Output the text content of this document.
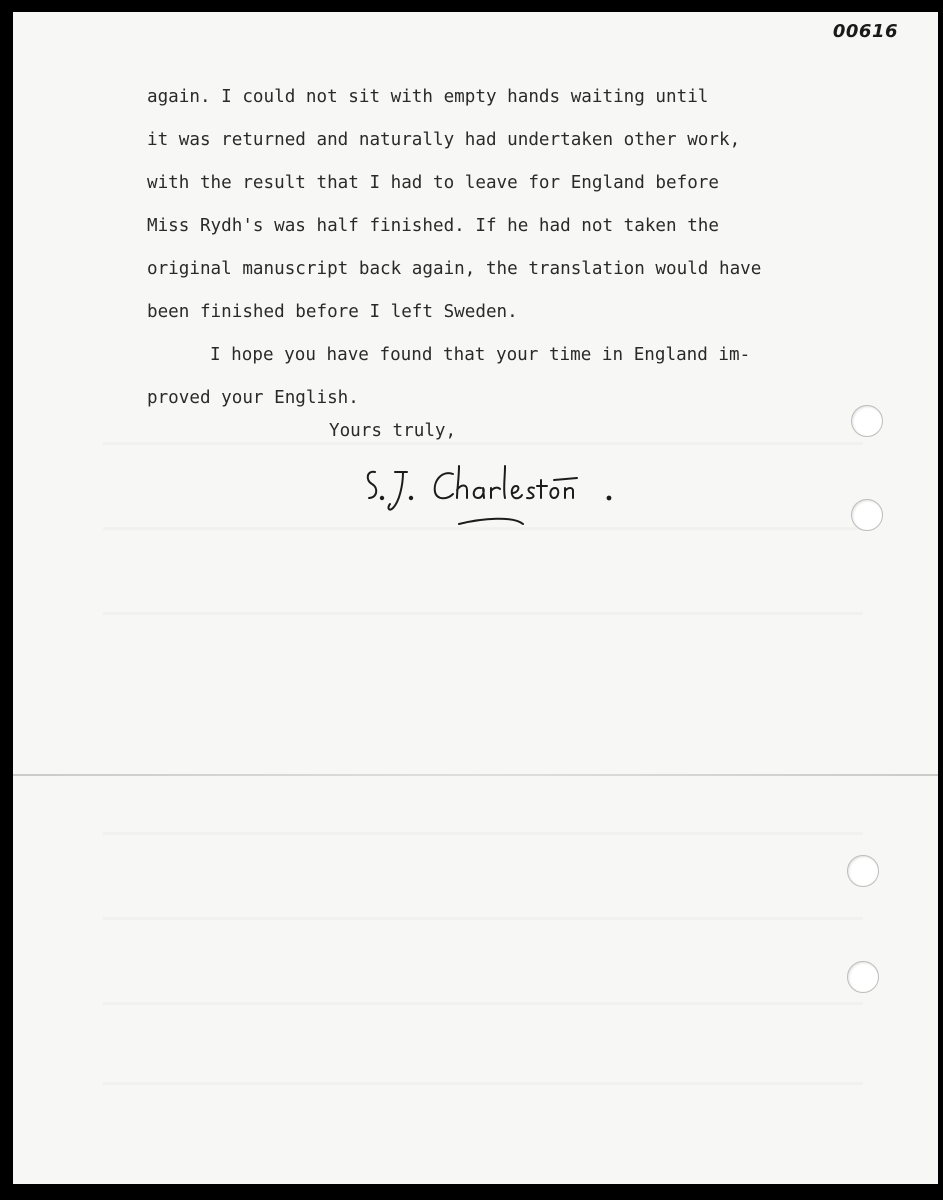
00616
again. I could not sit with empty hands waiting until
it was returned and naturally had undertaken other work,
with the result that I had to leave for England before
Miss Rydh's was half finished. If he had not taken the
original manuscript back again, the translation would have
been finished before I left Sweden.
I hope you have found that your time in England im-
proved your English.
Yours truly,
